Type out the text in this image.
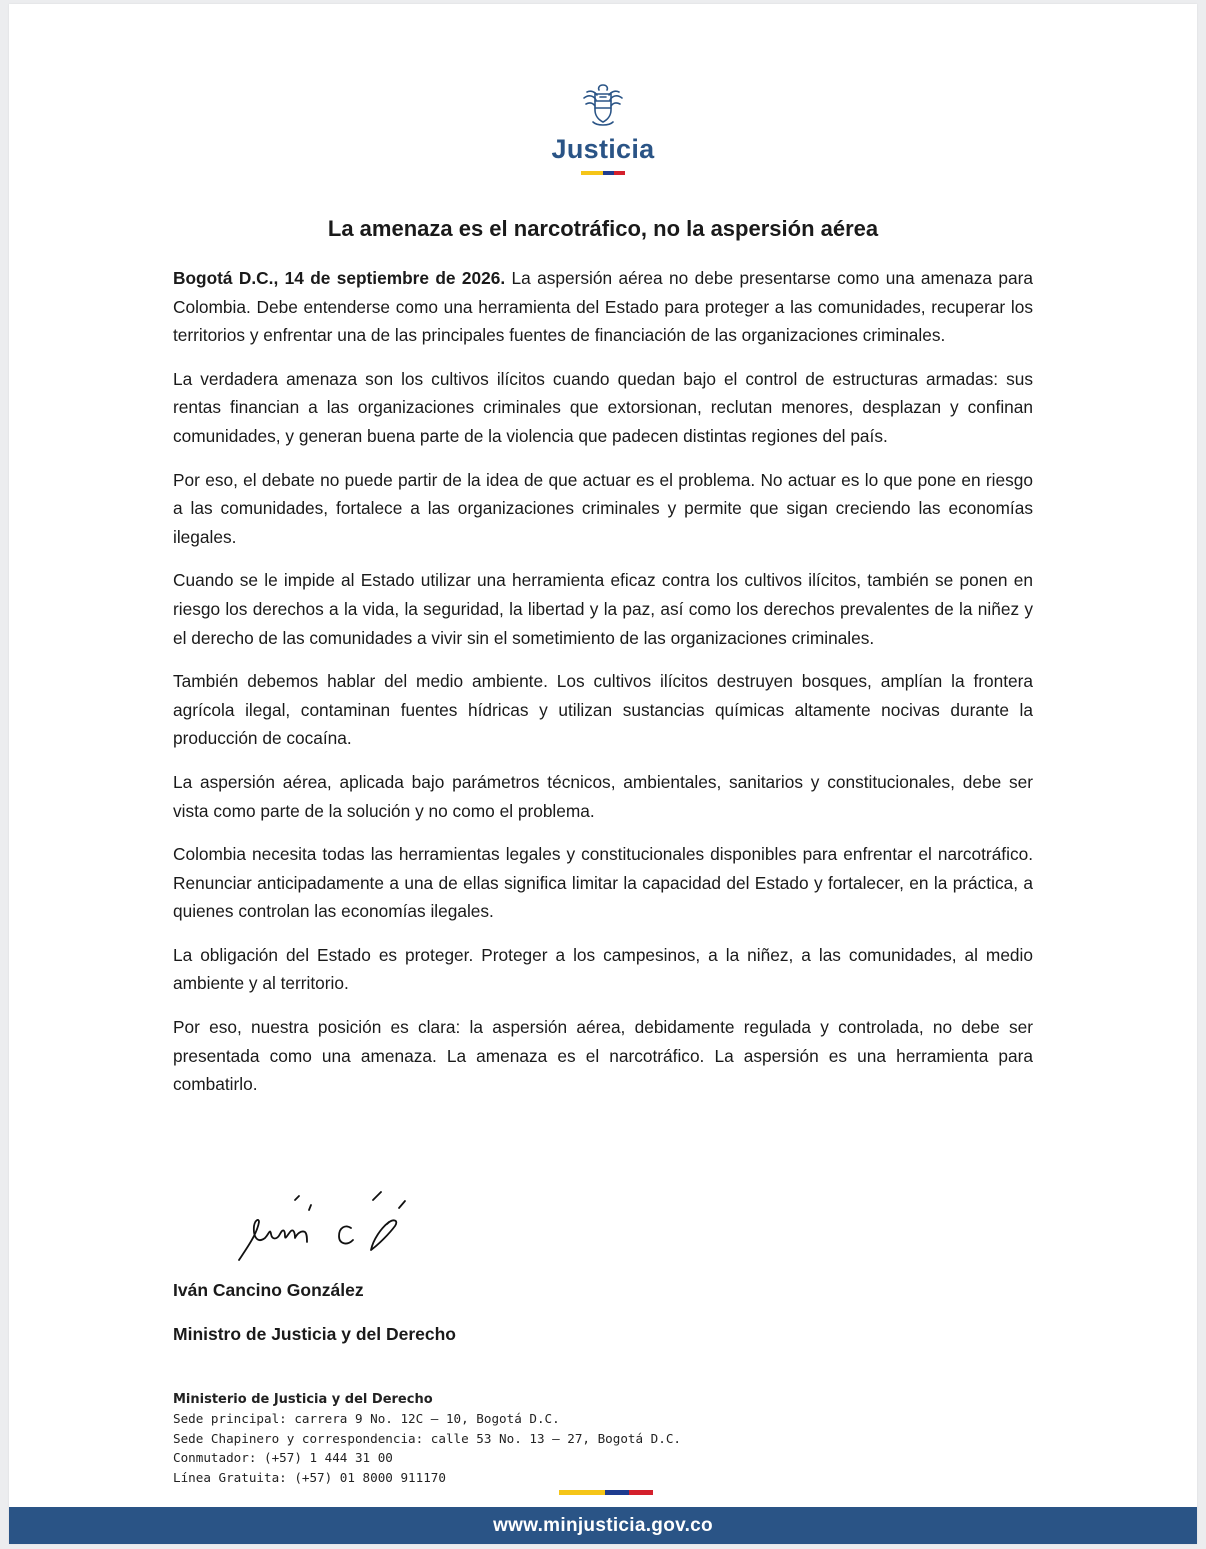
Justicia
La amenaza es el narcotráfico, no la aspersión aérea

Bogotá D.C., 14 de septiembre de 2026. La aspersión aérea no debe presentarse como una amenaza para Colombia. Debe entenderse como una herramienta del Estado para proteger a las comunidades, recuperar los territorios y enfrentar una de las principales fuentes de financiación de las organizaciones criminales.

La verdadera amenaza son los cultivos ilícitos cuando quedan bajo el control de estructuras armadas: sus rentas financian a las organizaciones criminales que extorsionan, reclutan menores, desplazan y confinan comunidades, y generan buena parte de la violencia que padecen distintas regiones del país.

Por eso, el debate no puede partir de la idea de que actuar es el problema. No actuar es lo que pone en riesgo a las comunidades, fortalece a las organizaciones criminales y permite que sigan creciendo las economías ilegales.

Cuando se le impide al Estado utilizar una herramienta eficaz contra los cultivos ilícitos, también se ponen en riesgo los derechos a la vida, la seguridad, la libertad y la paz, así como los derechos prevalentes de la niñez y el derecho de las comunidades a vivir sin el sometimiento de las organizaciones criminales.

También debemos hablar del medio ambiente. Los cultivos ilícitos destruyen bosques, amplían la frontera agrícola ilegal, contaminan fuentes hídricas y utilizan sustancias químicas altamente nocivas durante la producción de cocaína.

La aspersión aérea, aplicada bajo parámetros técnicos, ambientales, sanitarios y constitucionales, debe ser vista como parte de la solución y no como el problema.

Colombia necesita todas las herramientas legales y constitucionales disponibles para enfrentar el narcotráfico. Renunciar anticipadamente a una de ellas significa limitar la capacidad del Estado y fortalecer, en la práctica, a quienes controlan las economías ilegales.

La obligación del Estado es proteger. Proteger a los campesinos, a la niñez, a las comunidades, al medio ambiente y al territorio.

Por eso, nuestra posición es clara: la aspersión aérea, debidamente regulada y controlada, no debe ser presentada como una amenaza. La amenaza es el narcotráfico. La aspersión es una herramienta para combatirlo.

Iván Cancino González

Ministro de Justicia y del Derecho

Ministerio de Justicia y del Derecho
Sede principal: carrera 9 No. 12C – 10, Bogotá D.C.
Sede Chapinero y correspondencia: calle 53 No. 13 – 27, Bogotá D.C.
Conmutador: (+57) 1 444 31 00
Línea Gratuita: (+57) 01 8000 911170
www.minjusticia.gov.co
